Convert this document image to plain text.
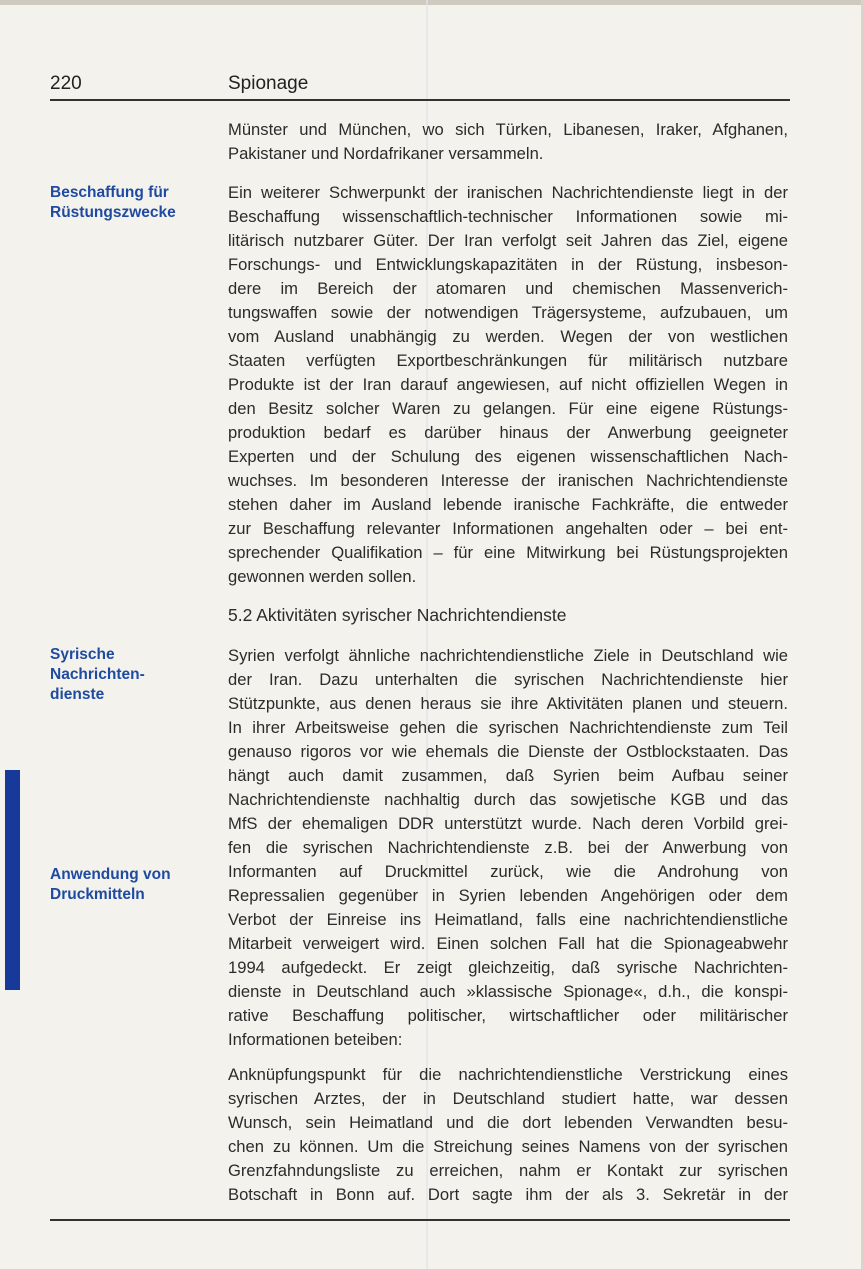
220	Spionage
Beschaffung für
Rüstungszwecke
Syrische
Nachrichten-
dienste
Anwendung von
Druckmitteln
Münster und München, wo sich Türken, Libanesen, Iraker, Afghanen,
Pakistaner und Nordafrikaner versammeln.
Ein weiterer Schwerpunkt der iranischen Nachrichtendienste liegt in der
Beschaffung wissenschaftlich-technischer Informationen sowie mi-
litärisch nutzbarer Güter. Der Iran verfolgt seit Jahren das Ziel, eigene
Forschungs- und Entwicklungskapazitäten in der Rüstung, insbeson-
dere im Bereich der atomaren und chemischen Massenverich-
tungswaffen sowie der notwendigen Trägersysteme, aufzubauen, um
vom Ausland unabhängig zu werden. Wegen der von westlichen
Staaten verfügten Exportbeschränkungen für militärisch nutzbare
Produkte ist der Iran darauf angewiesen, auf nicht offiziellen Wegen in
den Besitz solcher Waren zu gelangen. Für eine eigene Rüstungs-
produktion bedarf es darüber hinaus der Anwerbung geeigneter
Experten und der Schulung des eigenen wissenschaftlichen Nach-
wuchses. Im besonderen Interesse der iranischen Nachrichtendienste
stehen daher im Ausland lebende iranische Fachkräfte, die entweder
zur Beschaffung relevanter Informationen angehalten oder – bei ent-
sprechender Qualifikation – für eine Mitwirkung bei Rüstungsprojekten
gewonnen werden sollen.
5.2 Aktivitäten syrischer Nachrichtendienste
Syrien verfolgt ähnliche nachrichtendienstliche Ziele in Deutschland wie
der Iran. Dazu unterhalten die syrischen Nachrichtendienste hier
Stützpunkte, aus denen heraus sie ihre Aktivitäten planen und steuern.
In ihrer Arbeitsweise gehen die syrischen Nachrichtendienste zum Teil
genauso rigoros vor wie ehemals die Dienste der Ostblockstaaten. Das
hängt auch damit zusammen, daß Syrien beim Aufbau seiner
Nachrichtendienste nachhaltig durch das sowjetische KGB und das
MfS der ehemaligen DDR unterstützt wurde. Nach deren Vorbild grei-
fen die syrischen Nachrichtendienste z.B. bei der Anwerbung von
Informanten auf Druckmittel zurück, wie die Androhung von
Repressalien gegenüber in Syrien lebenden Angehörigen oder dem
Verbot der Einreise ins Heimatland, falls eine nachrichtendienstliche
Mitarbeit verweigert wird. Einen solchen Fall hat die Spionageabwehr
1994 aufgedeckt. Er zeigt gleichzeitig, daß syrische Nachrichten-
dienste in Deutschland auch »klassische Spionage«, d.h., die konspi-
rative Beschaffung politischer, wirtschaftlicher oder militärischer
Informationen beteiben:
Anknüpfungspunkt für die nachrichtendienstliche Verstrickung eines
syrischen Arztes, der in Deutschland studiert hatte, war dessen
Wunsch, sein Heimatland und die dort lebenden Verwandten besu-
chen zu können. Um die Streichung seines Namens von der syrischen
Grenzfahndungsliste zu erreichen, nahm er Kontakt zur syrischen
Botschaft in Bonn auf. Dort sagte ihm der als 3. Sekretär in der
